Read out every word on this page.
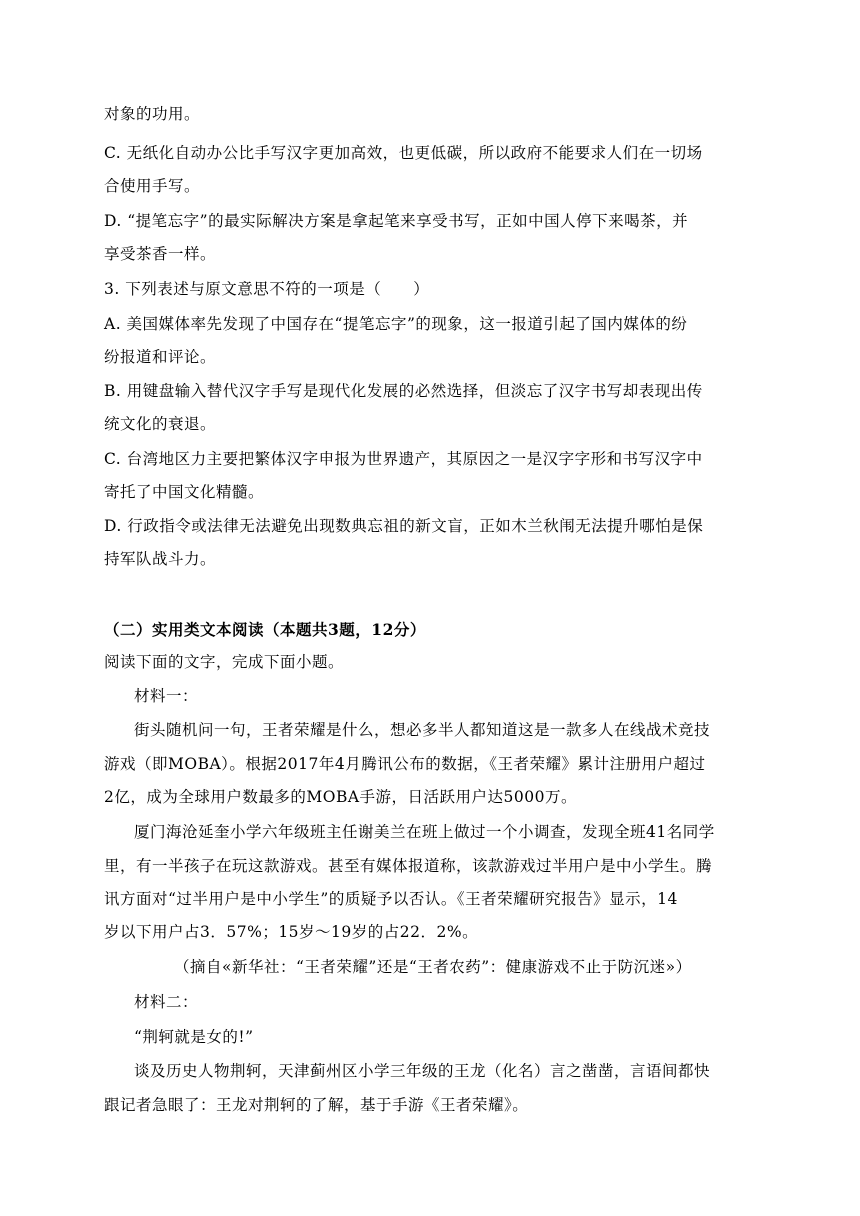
对象的功用。
C. 无纸化自动办公比手写汉字更加高效，也更低碳，所以政府不能要求人们在一切场
合使用手写。
D. “提笔忘字”的最实际解决方案是拿起笔来享受书写，正如中国人停下来喝茶，并
享受茶香一样。
3. 下列表述与原文意思不符的一项是（　　）
A. 美国媒体率先发现了中国存在“提笔忘字”的现象，这一报道引起了国内媒体的纷
纷报道和评论。
B. 用键盘输入替代汉字手写是现代化发展的必然选择，但淡忘了汉字书写却表现出传
统文化的衰退。
C. 台湾地区力主要把繁体汉字申报为世界遗产，其原因之一是汉字字形和书写汉字中
寄托了中国文化精髓。
D. 行政指令或法律无法避免出现数典忘祖的新文盲，正如木兰秋闱无法提升哪怕是保
持军队战斗力。
（二）实用类文本阅读（本题共3题，12分）
阅读下面的文字，完成下面小题。
材料一：
街头随机问一句，王者荣耀是什么，想必多半人都知道这是一款多人在线战术竞技
游戏（即MOBA）。根据2017年4月腾讯公布的数据，《王者荣耀》累计注册用户超过
2亿，成为全球用户数最多的MOBA手游，日活跃用户达5000万。
厦门海沧延奎小学六年级班主任谢美兰在班上做过一个小调查，发现全班41名同学
里，有一半孩子在玩这款游戏。甚至有媒体报道称，该款游戏过半用户是中小学生。腾
讯方面对“过半用户是中小学生”的质疑予以否认。《王者荣耀研究报告》显示，14
岁以下用户占3．57%；15岁～19岁的占22．2%。
（摘自«新华社：“王者荣耀”还是“王者农药”：健康游戏不止于防沉迷»）
材料二：
“荆轲就是女的!”
谈及历史人物荆轲，天津蓟州区小学三年级的王龙（化名）言之凿凿，言语间都快
跟记者急眼了：王龙对荆轲的了解，基于手游《王者荣耀》。
